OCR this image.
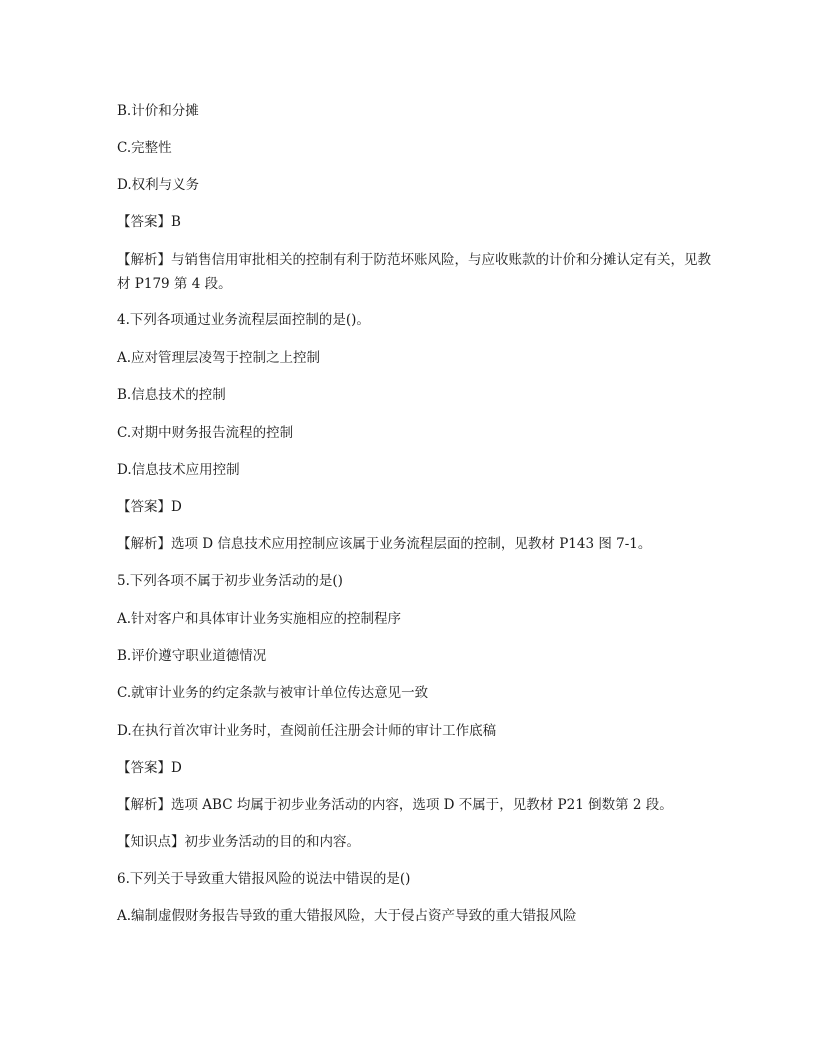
B.计价和分摊
C.完整性
D.权利与义务
【答案】B
【解析】与销售信用审批相关的控制有利于防范坏账风险，与应收账款的计价和分摊认定有关，见教材 P179 第 4 段。
4.下列各项通过业务流程层面控制的是()。
A.应对管理层凌驾于控制之上控制
B.信息技术的控制
C.对期中财务报告流程的控制
D.信息技术应用控制
【答案】D
【解析】选项 D 信息技术应用控制应该属于业务流程层面的控制，见教材 P143 图 7-1。
5.下列各项不属于初步业务活动的是()
A.针对客户和具体审计业务实施相应的控制程序
B.评价遵守职业道德情况
C.就审计业务的约定条款与被审计单位传达意见一致
D.在执行首次审计业务时，查阅前任注册会计师的审计工作底稿
【答案】D
【解析】选项 ABC 均属于初步业务活动的内容，选项 D 不属于，见教材 P21 倒数第 2 段。
【知识点】初步业务活动的目的和内容。
6.下列关于导致重大错报风险的说法中错误的是()
A.编制虚假财务报告导致的重大错报风险，大于侵占资产导致的重大错报风险
